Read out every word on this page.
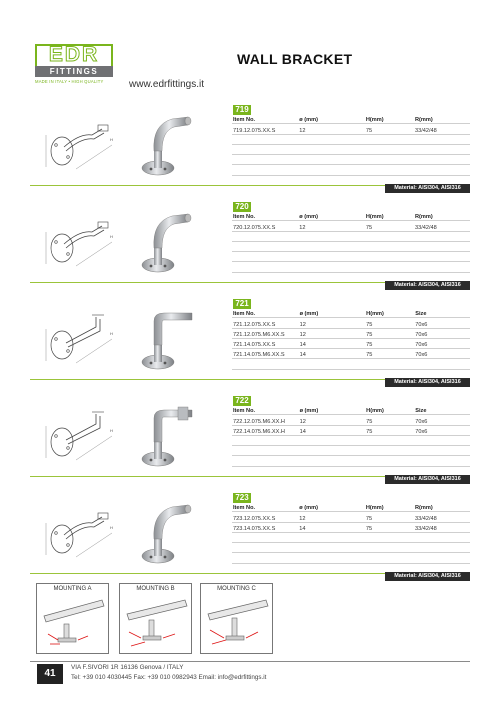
EDR
FITTINGS
MADE IN ITALY • HIGH QUALITY	www.edrfittings.it
WALL BRACKET
719
H
Item No.	ø (mm)	H(mm)	R(mm)
719.12.075.XX.S	12	75	33/42/48

Material: AISI304, AISI316
720
H
Item No.	ø (mm)	H(mm)	R(mm)
720.12.075.XX.S	12	75	33/42/48

Material: AISI304, AISI316
721
H
Item No.	ø (mm)	H(mm)	Size
721.12.075.XX.S	12	75	70x6
721.12.075.M6.XX.S	12	75	70x6
721.14.075.XX.S	14	75	70x6
721.14.075.M6.XX.S	14	75	70x6

Material: AISI304, AISI316
722
H
Item No.	ø (mm)	H(mm)	Size
722.12.075.M6.XX.H	12	75	70x6
722.14.075.M6.XX.H	14	75	70x6

Material: AISI304, AISI316
723
H
Item No.	ø (mm)	H(mm)	R(mm)
723.12.075.XX.S	12	75	33/42/48
723.14.075.XX.S	14	75	33/42/48

Material: AISI304, AISI316
MOUNTING A	MOUNTING B	MOUNTING C
41
VIA F.SIVORI 1R 16136 Genova / ITALY
Tel: +39 010 4030445 Fax: +39 010 0982943 Email: info@edrfittings.it
